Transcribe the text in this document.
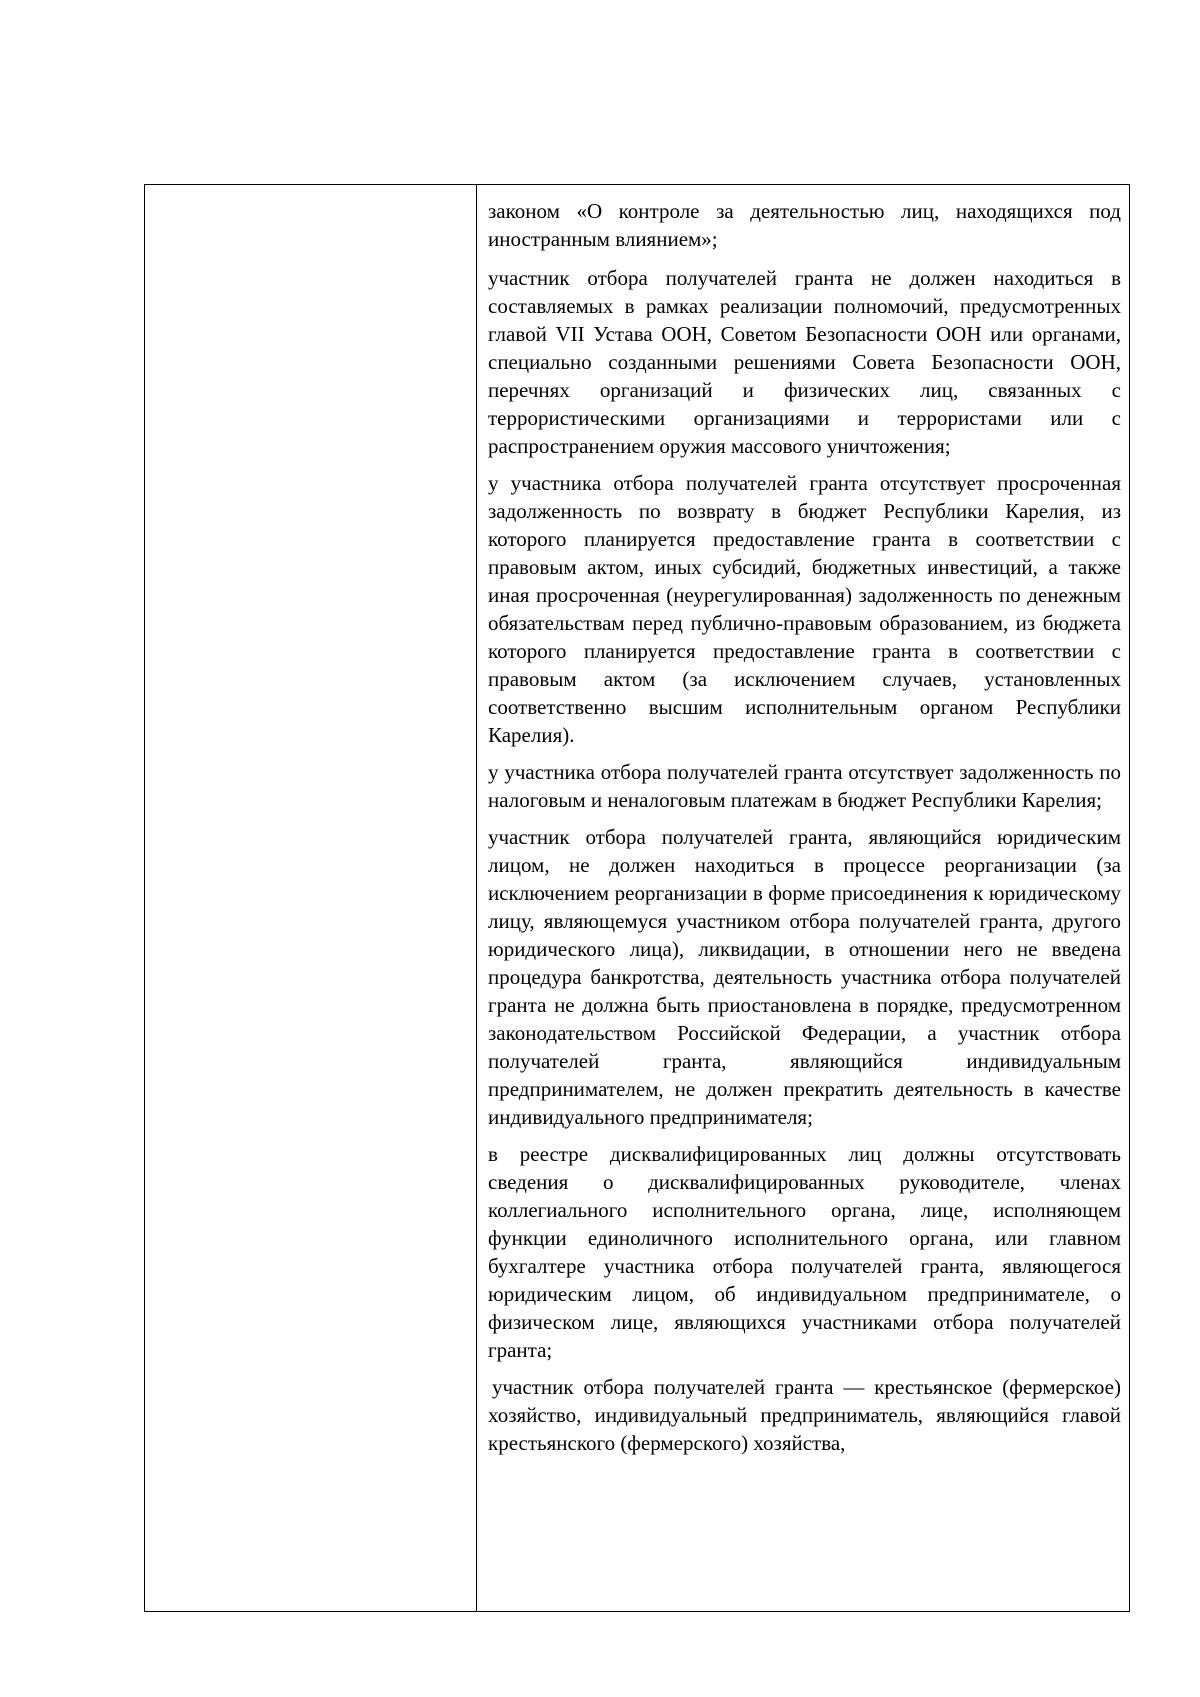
законом «О контроле за деятельностью лиц, находящихся под иностранным влиянием»;

участник отбора получателей гранта не должен находиться в составляемых в рамках реализации полномочий, предусмотренных главой VII Устава ООН, Советом Безопасности ООН или органами, специально созданными решениями Совета Безопасности ООН, перечнях организаций и физических лиц, связанных с террористическими организациями и террористами или с распространением оружия массового уничтожения;

у участника отбора получателей гранта отсутствует просроченная задолженность по возврату в бюджет Республики Карелия, из которого планируется предоставление гранта в соответствии с правовым актом, иных субсидий, бюджетных инвестиций, а также иная просроченная (неурегулированная) задолженность по денежным обязательствам перед публично-правовым образованием, из бюджета которого планируется предоставление гранта в соответствии с правовым актом (за исключением случаев, установленных соответственно высшим исполнительным органом Республики Карелия).

у участника отбора получателей гранта отсутствует задолженность по налоговым и неналоговым платежам в бюджет Республики Карелия;

участник отбора получателей гранта, являющийся юридическим лицом, не должен находиться в процессе реорганизации (за исключением реорганизации в форме присоединения к юридическому лицу, являющемуся участником отбора получателей гранта, другого юридического лица), ликвидации, в отношении него не введена процедура банкротства, деятельность участника отбора получателей гранта не должна быть приостановлена в порядке, предусмотренном законодательством Российской Федерации, а участник отбора получателей гранта, являющийся индивидуальным предпринимателем, не должен прекратить деятельность в качестве индивидуального предпринимателя;

в реестре дисквалифицированных лиц должны отсутствовать сведения о дисквалифицированных руководителе, членах коллегиального исполнительного органа, лице, исполняющем функции единоличного исполнительного органа, или главном бухгалтере участника отбора получателей гранта, являющегося юридическим лицом, об индивидуальном предпринимателе, о физическом лице, являющихся участниками отбора получателей гранта;

участник отбора получателей гранта — крестьянское (фермерское) хозяйство, индивидуальный предприниматель, являющийся главой крестьянского (фермерского) хозяйства,
